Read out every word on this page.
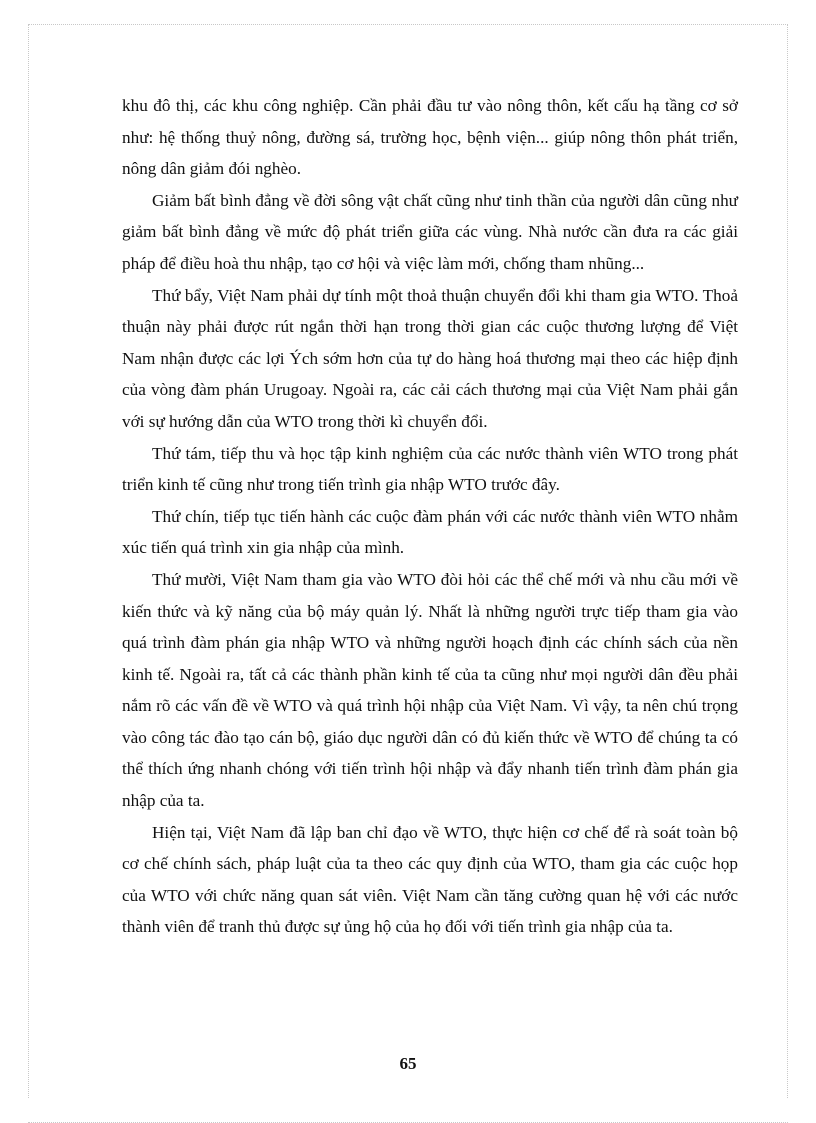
khu đô thị, các khu công nghiệp. Cần phải đầu tư vào nông thôn, kết cấu hạ tầng cơ sở như: hệ thống thuỷ nông, đường sá, trường học, bệnh viện... giúp nông thôn phát triển, nông dân giảm đói nghèo.

Giảm bất bình đẳng về đời sông vật chất cũng như tinh thần của người dân cũng như giảm bất bình đẳng về mức độ phát triển giữa các vùng. Nhà nước cần đưa ra các giải pháp để điều hoà thu nhập, tạo cơ hội và việc làm mới, chống tham nhũng...

Thứ bẩy, Việt Nam phải dự tính một thoả thuận chuyển đổi khi tham gia WTO. Thoả thuận này phải được rút ngắn thời hạn trong thời gian các cuộc thương lượng để Việt Nam nhận được các lợi Ých sớm hơn của tự do hàng hoá thương mại theo các hiệp định của vòng đàm phán Urugoay. Ngoài ra, các cải cách thương mại của Việt Nam phải gắn với sự hướng dẫn của WTO trong thời kì chuyển đổi.

Thứ tám, tiếp thu và học tập kinh nghiệm của các nước thành viên WTO trong phát triển kinh tế cũng như trong tiến trình gia nhập WTO trước đây.

Thứ chín, tiếp tục tiến hành các cuộc đàm phán với các nước thành viên WTO nhằm xúc tiến quá trình xin gia nhập của mình.

Thứ mười, Việt Nam tham gia vào WTO đòi hỏi các thể chế mới và nhu cầu mới về kiến thức và kỹ năng của bộ máy quản lý. Nhất là những người trực tiếp tham gia vào quá trình đàm phán gia nhập WTO và những người hoạch định các chính sách của nền kinh tế. Ngoài ra, tất cả các thành phần kinh tế của ta cũng như mọi người dân đều phải nắm rõ các vấn đề về WTO và quá trình hội nhập của Việt Nam. Vì vậy, ta nên chú trọng vào công tác đào tạo cán bộ, giáo dục người dân có đủ kiến thức về WTO để chúng ta có thể thích ứng nhanh chóng với tiến trình hội nhập và đẩy nhanh tiến trình đàm phán gia nhập của ta.

Hiện tại, Việt Nam đã lập ban chỉ đạo về WTO, thực hiện cơ chế để rà soát toàn bộ cơ chế chính sách, pháp luật của ta theo các quy định của WTO, tham gia các cuộc họp của WTO với chức năng quan sát viên. Việt Nam cần tăng cường quan hệ với các nước thành viên để tranh thủ được sự ủng hộ của họ đối với tiến trình gia nhập của ta.

65
